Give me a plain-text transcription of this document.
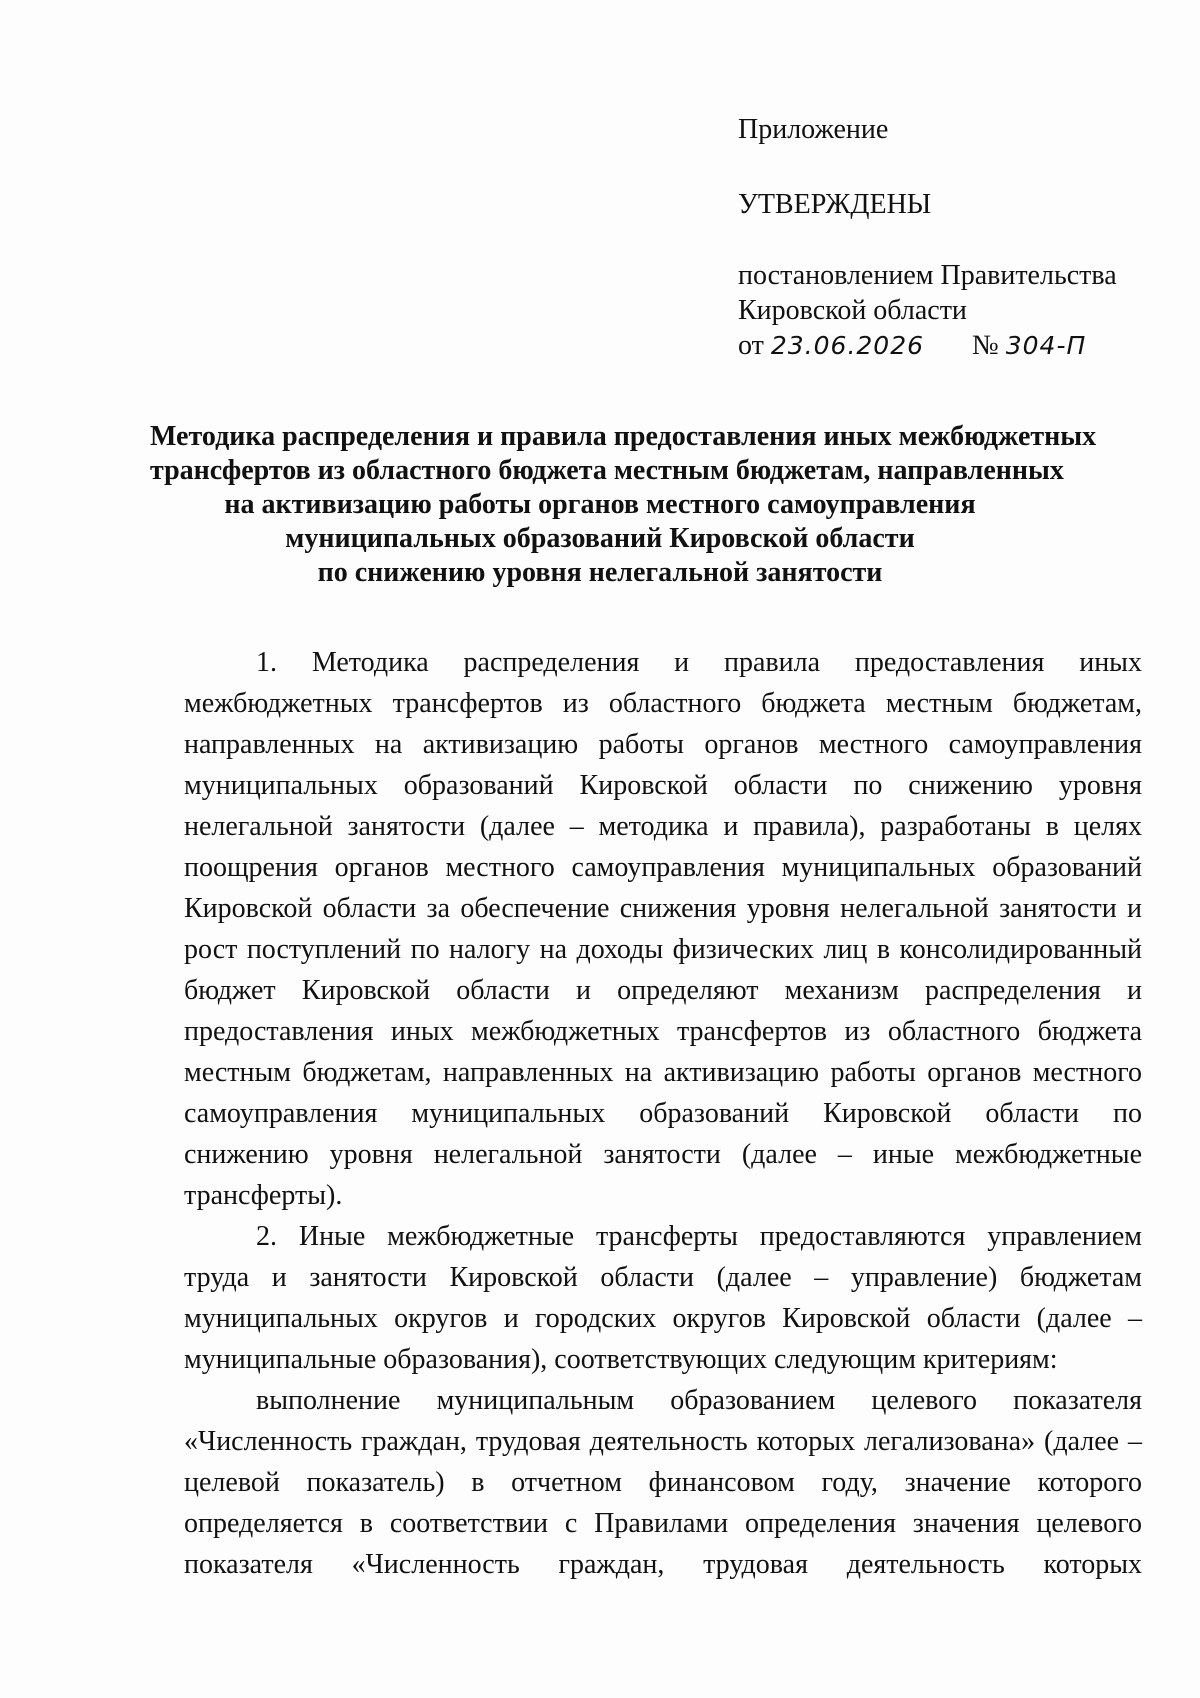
Приложение
УТВЕРЖДЕНЫ
постановлением Правительства
Кировской области
от 23.06.2026 № 304-П
Методика распределения и правила предоставления иных межбюджетных
трансфертов из областного бюджета местным бюджетам, направленных
на активизацию работы органов местного самоуправления
муниципальных образований Кировской области
по снижению уровня нелегальной занятости
1. Методика распределения и правила предоставления иных
межбюджетных трансфертов из областного бюджета местным бюджетам,
направленных на активизацию работы органов местного самоуправления
муниципальных образований Кировской области по снижению уровня
нелегальной занятости (далее – методика и правила), разработаны в целях
поощрения органов местного самоуправления муниципальных образований
Кировской области за обеспечение снижения уровня нелегальной занятости и
рост поступлений по налогу на доходы физических лиц в консолидированный
бюджет Кировской области и определяют механизм распределения и
предоставления иных межбюджетных трансфертов из областного бюджета
местным бюджетам, направленных на активизацию работы органов местного
самоуправления муниципальных образований Кировской области по
снижению уровня нелегальной занятости (далее – иные межбюджетные
трансферты).
2. Иные межбюджетные трансферты предоставляются управлением
труда и занятости Кировской области (далее – управление) бюджетам
муниципальных округов и городских округов Кировской области (далее –
муниципальные образования), соответствующих следующим критериям:
выполнение муниципальным образованием целевого показателя
«Численность граждан, трудовая деятельность которых легализована» (далее –
целевой показатель) в отчетном финансовом году, значение которого
определяется в соответствии с Правилами определения значения целевого
показателя «Численность граждан, трудовая деятельность которых
